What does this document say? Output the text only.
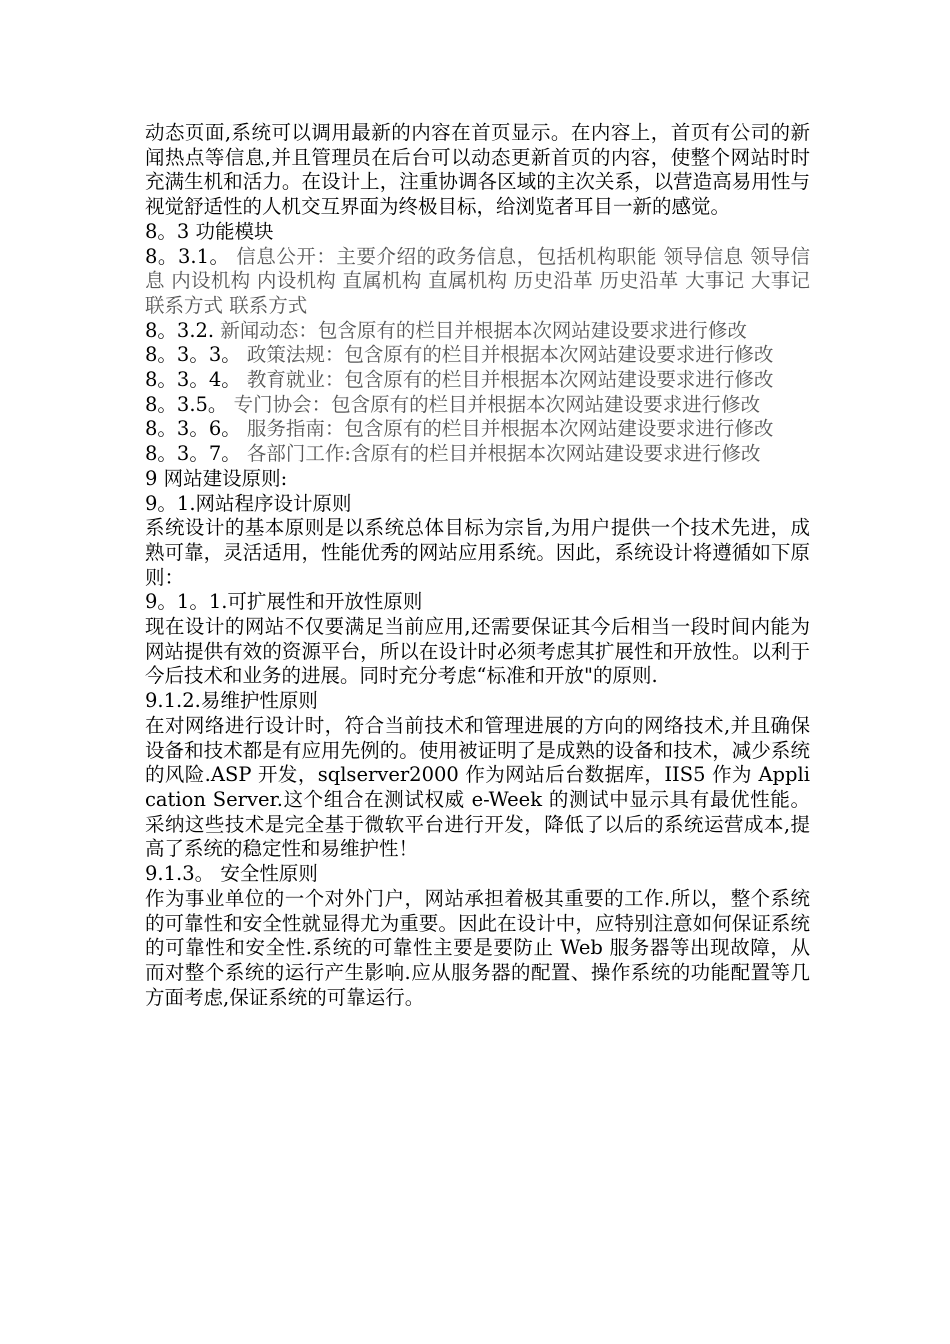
动态页面,系统可以调用最新的内容在首页显示。在内容上，首页有公司的新闻热点等信息,并且管理员在后台可以动态更新首页的内容，使整个网站时时充满生机和活力。在设计上，注重协调各区域的主次关系，以营造高易用性与视觉舒适性的人机交互界面为终极目标，给浏览者耳目一新的感觉。

8。3 功能模块

8。3.1。 信息公开：主要介绍的政务信息，包括机构职能 领导信息 领导信息 内设机构 内设机构 直属机构 直属机构 历史沿革 历史沿革 大事记 大事记 联系方式 联系方式

8。3.2. 新闻动态：包含原有的栏目并根据本次网站建设要求进行修改

8。3。3。 政策法规：包含原有的栏目并根据本次网站建设要求进行修改

8。3。4。 教育就业：包含原有的栏目并根据本次网站建设要求进行修改

8。3.5。 专门协会：包含原有的栏目并根据本次网站建设要求进行修改

8。3。6。 服务指南：包含原有的栏目并根据本次网站建设要求进行修改

8。3。7。 各部门工作:含原有的栏目并根据本次网站建设要求进行修改

9 网站建设原则:

9。1.网站程序设计原则

系统设计的基本原则是以系统总体目标为宗旨,为用户提供一个技术先进，成熟可靠，灵活适用，性能优秀的网站应用系统。因此，系统设计将遵循如下原则：

9。1。1.可扩展性和开放性原则

现在设计的网站不仅要满足当前应用,还需要保证其今后相当一段时间内能为网站提供有效的资源平台，所以在设计时必须考虑其扩展性和开放性。以利于今后技术和业务的进展。同时充分考虑“标准和开放"的原则.

9.1.2.易维护性原则

在对网络进行设计时，符合当前技术和管理进展的方向的网络技术,并且确保设备和技术都是有应用先例的。使用被证明了是成熟的设备和技术，减少系统的风险.ASP 开发，sqlserver2000 作为网站后台数据库，IIS5 作为 Application Server.这个组合在测试权威 e-Week 的测试中显示具有最优性能。采纳这些技术是完全基于微软平台进行开发，降低了以后的系统运营成本,提高了系统的稳定性和易维护性！

9.1.3。 安全性原则

作为事业单位的一个对外门户，网站承担着极其重要的工作.所以，整个系统的可靠性和安全性就显得尤为重要。因此在设计中，应特别注意如何保证系统的可靠性和安全性.系统的可靠性主要是要防止 Web 服务器等出现故障，从而对整个系统的运行产生影响.应从服务器的配置、操作系统的功能配置等几方面考虑,保证系统的可靠运行。
